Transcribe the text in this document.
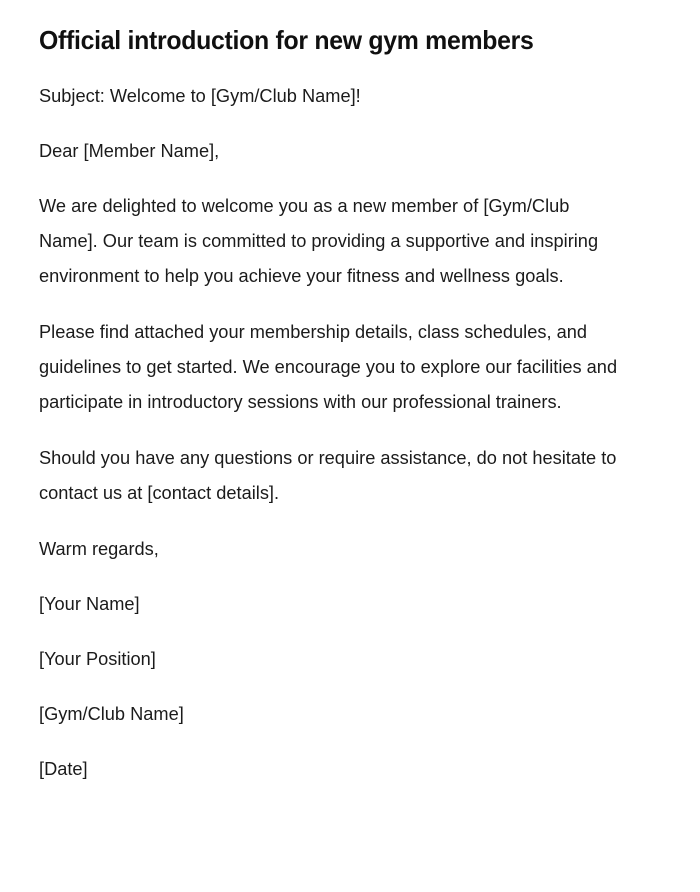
Official introduction for new gym members

Subject: Welcome to [Gym/Club Name]!

Dear [Member Name],

We are delighted to welcome you as a new member of [Gym/Club Name]. Our team is committed to providing a supportive and inspiring environment to help you achieve your fitness and wellness goals.

Please find attached your membership details, class schedules, and guidelines to get started. We encourage you to explore our facilities and participate in introductory sessions with our professional trainers.

Should you have any questions or require assistance, do not hesitate to contact us at [contact details].

Warm regards,

[Your Name]

[Your Position]

[Gym/Club Name]

[Date]
